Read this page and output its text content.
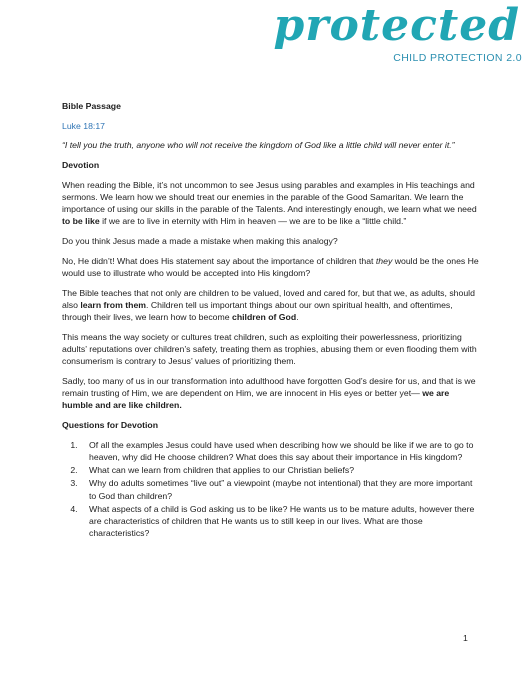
protected
CHILD PROTECTION 2.0

Bible Passage

Luke 18:17

“I tell you the truth, anyone who will not receive the kingdom of God like a little child will never enter it.”

Devotion

When reading the Bible, it’s not uncommon to see Jesus using parables and examples in His teachings and sermons. We learn how we should treat our enemies in the parable of the Good Samaritan. We learn the importance of using our skills in the parable of the Talents. And interestingly enough, we learn what we need to be like if we are to live in eternity with Him in heaven — we are to be like a “little child.”

Do you think Jesus made a made a mistake when making this analogy?

No, He didn’t! What does His statement say about the importance of children that they would be the ones He would use to illustrate who would be accepted into His kingdom?

The Bible teaches that not only are children to be valued, loved and cared for, but that we, as adults, should also learn from them. Children tell us important things about our own spiritual health, and oftentimes, through their lives, we learn how to become children of God.

This means the way society or cultures treat children, such as exploiting their powerlessness, prioritizing adults’ reputations over children’s safety, treating them as trophies, abusing them or even flooding them with consumerism is contrary to Jesus’ values of prioritizing them.

Sadly, too many of us in our transformation into adulthood have forgotten God’s desire for us, and that is we remain trusting of Him, we are dependent on Him, we are innocent in His eyes or better yet— we are humble and are like children.

Questions for Devotion

1. Of all the examples Jesus could have used when describing how we should be like if we are to go to heaven, why did He choose children? What does this say about their importance in His kingdom?
2. What can we learn from children that applies to our Christian beliefs?
3. Why do adults sometimes “live out” a viewpoint (maybe not intentional) that they are more important to God than children?
4. What aspects of a child is God asking us to be like? He wants us to be mature adults, however there are characteristics of children that He wants us to still keep in our lives. What are those characteristics?
1
